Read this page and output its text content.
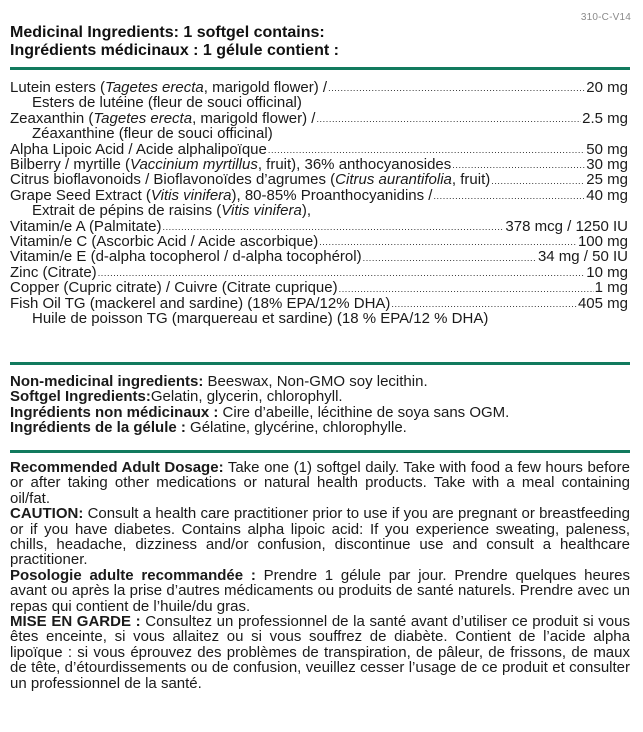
310-C-V14
Medicinal Ingredients: 1 softgel contains:
Ingrédients médicinaux : 1 gélule contient :
Lutein esters (Tagetes erecta, marigold flower) / .....	20 mg
Esters de lutéine (fleur de souci officinal)
Zeaxanthin (Tagetes erecta, marigold flower) / .....	2.5 mg
Zéaxanthine (fleur de souci officinal)
Alpha Lipoic Acid / Acide alphalipoïque .....	50 mg
Bilberry / myrtille (Vaccinium myrtillus, fruit), 36% anthocyanosides .....	30 mg
Citrus bioflavonoids / Bioflavonoïdes d’agrumes (Citrus aurantifolia, fruit) .....	25 mg
Grape Seed Extract (Vitis vinifera), 80-85% Proanthocyanidins / .....	40 mg
Extrait de pépins de raisins (Vitis vinifera),
Vitamin/e A (Palmitate) .....	378 mcg / 1250 IU
Vitamin/e C (Ascorbic Acid / Acide ascorbique) .....	100 mg
Vitamin/e E (d-alpha tocopherol / d-alpha tocophérol) .....	34 mg / 50 IU
Zinc (Citrate) .....	10 mg
Copper (Cupric citrate) / Cuivre (Citrate cuprique) .....	1 mg
Fish Oil TG (mackerel and sardine) (18% EPA/12% DHA) .....	405 mg
Huile de poisson TG (marquereau et sardine) (18 % EPA/12 % DHA)

Non-medicinal ingredients: Beeswax, Non-GMO soy lecithin.

Softgel Ingredients:Gelatin, glycerin, chlorophyll.

Ingrédients non médicinaux : Cire d’abeille, lécithine de soya sans OGM.

Ingrédients de la gélule : Gélatine, glycérine, chlorophylle.

Recommended Adult Dosage: Take one (1) softgel daily. Take with food a few hours before or after taking other medications or natural health products. Take with a meal containing oil/fat.

CAUTION: Consult a health care practitioner prior to use if you are pregnant or breastfeeding or if you have diabetes. Contains alpha lipoic acid: If you experience sweating, paleness, chills, headache, dizziness and/or confusion, discontinue use and consult a healthcare practitioner.

Posologie adulte recommandée : Prendre 1 gélule par jour. Prendre quelques heures avant ou après la prise d’autres médicaments ou produits de santé naturels. Prendre avec un repas qui contient de l’huile/du gras.

MISE EN GARDE : Consultez un professionnel de la santé avant d’utiliser ce produit si vous êtes enceinte, si vous allaitez ou si vous souffrez de diabète. Contient de l’acide alpha lipoïque : si vous éprouvez des problèmes de transpiration, de pâleur, de frissons, de maux de tête, d’étourdissements ou de confusion, veuillez cesser l’usage de ce produit et consulter un professionnel de la santé.
